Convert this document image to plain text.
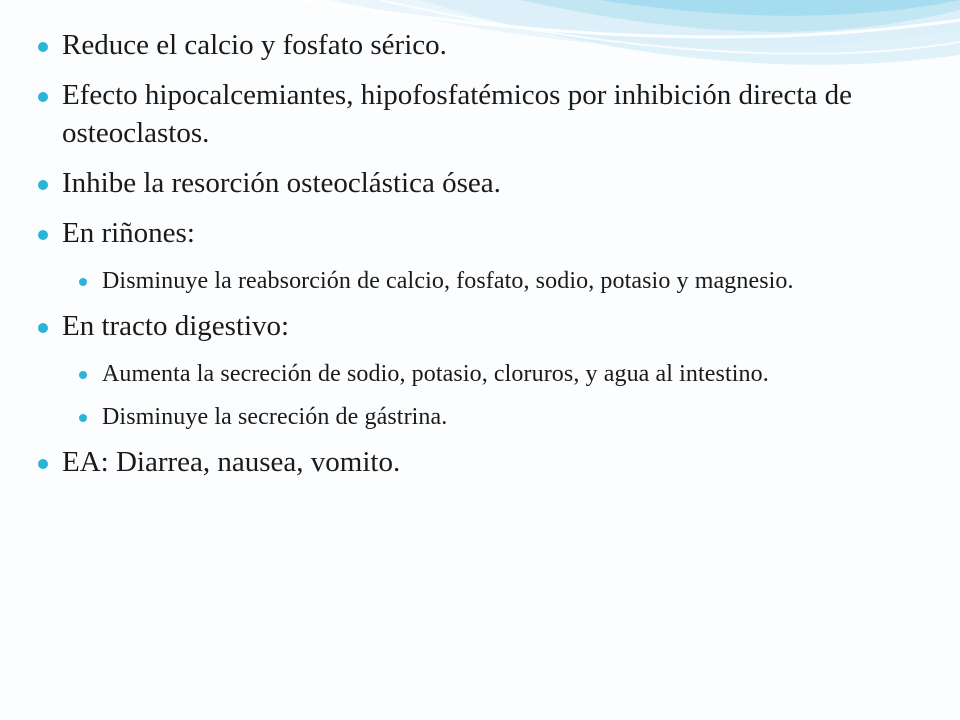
Reduce el calcio y fosfato sérico.
Efecto hipocalcemiantes, hipofosfatémicos por inhibición directa de osteoclastos.
Inhibe la resorción osteoclástica ósea.
En riñones:
Disminuye la reabsorción de calcio, fosfato, sodio, potasio y magnesio.
En tracto digestivo:
Aumenta la secreción de sodio, potasio, cloruros, y agua al intestino.
Disminuye la secreción de gástrina.
EA: Diarrea, nausea, vomito.
